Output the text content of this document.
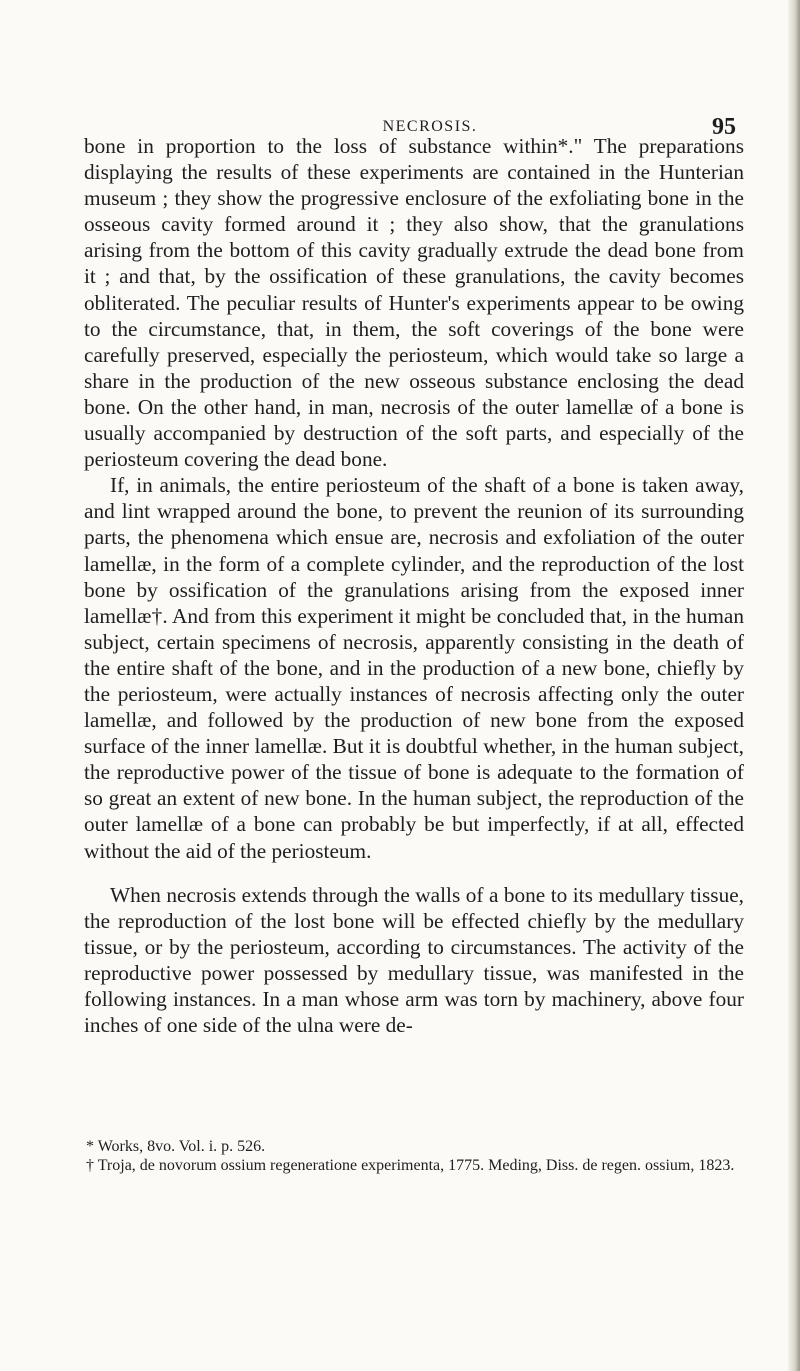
NECROSIS.	95

bone in proportion to the loss of substance within*." The preparations displaying the results of these experiments are contained in the Hunterian museum ; they show the progressive enclosure of the exfoliating bone in the osseous cavity formed around it ; they also show, that the granulations arising from the bottom of this cavity gradually extrude the dead bone from it ; and that, by the ossification of these granulations, the cavity becomes obliterated. The peculiar results of Hunter's experiments appear to be owing to the circumstance, that, in them, the soft coverings of the bone were carefully preserved, especially the periosteum, which would take so large a share in the production of the new osseous substance enclosing the dead bone. On the other hand, in man, necrosis of the outer lamellæ of a bone is usually accompanied by destruction of the soft parts, and especially of the periosteum covering the dead bone.

If, in animals, the entire periosteum of the shaft of a bone is taken away, and lint wrapped around the bone, to prevent the reunion of its surrounding parts, the phenomena which ensue are, necrosis and exfoliation of the outer lamellæ, in the form of a complete cylinder, and the reproduction of the lost bone by ossification of the granulations arising from the exposed inner lamellæ†. And from this experiment it might be concluded that, in the human subject, certain specimens of necrosis, apparently consisting in the death of the entire shaft of the bone, and in the production of a new bone, chiefly by the periosteum, were actually instances of necrosis affecting only the outer lamellæ, and followed by the production of new bone from the exposed surface of the inner lamellæ. But it is doubtful whether, in the human subject, the reproductive power of the tissue of bone is adequate to the formation of so great an extent of new bone. In the human subject, the reproduction of the outer lamellæ of a bone can probably be but imperfectly, if at all, effected without the aid of the periosteum.

When necrosis extends through the walls of a bone to its medullary tissue, the reproduction of the lost bone will be effected chiefly by the medullary tissue, or by the periosteum, according to circumstances. The activity of the reproductive power possessed by medullary tissue, was manifested in the following instances. In a man whose arm was torn by machinery, above four inches of one side of the ulna were de-

* Works, 8vo. Vol. i. p. 526.

† Troja, de novorum ossium regeneratione experimenta, 1775. Meding, Diss. de regen. ossium, 1823.
